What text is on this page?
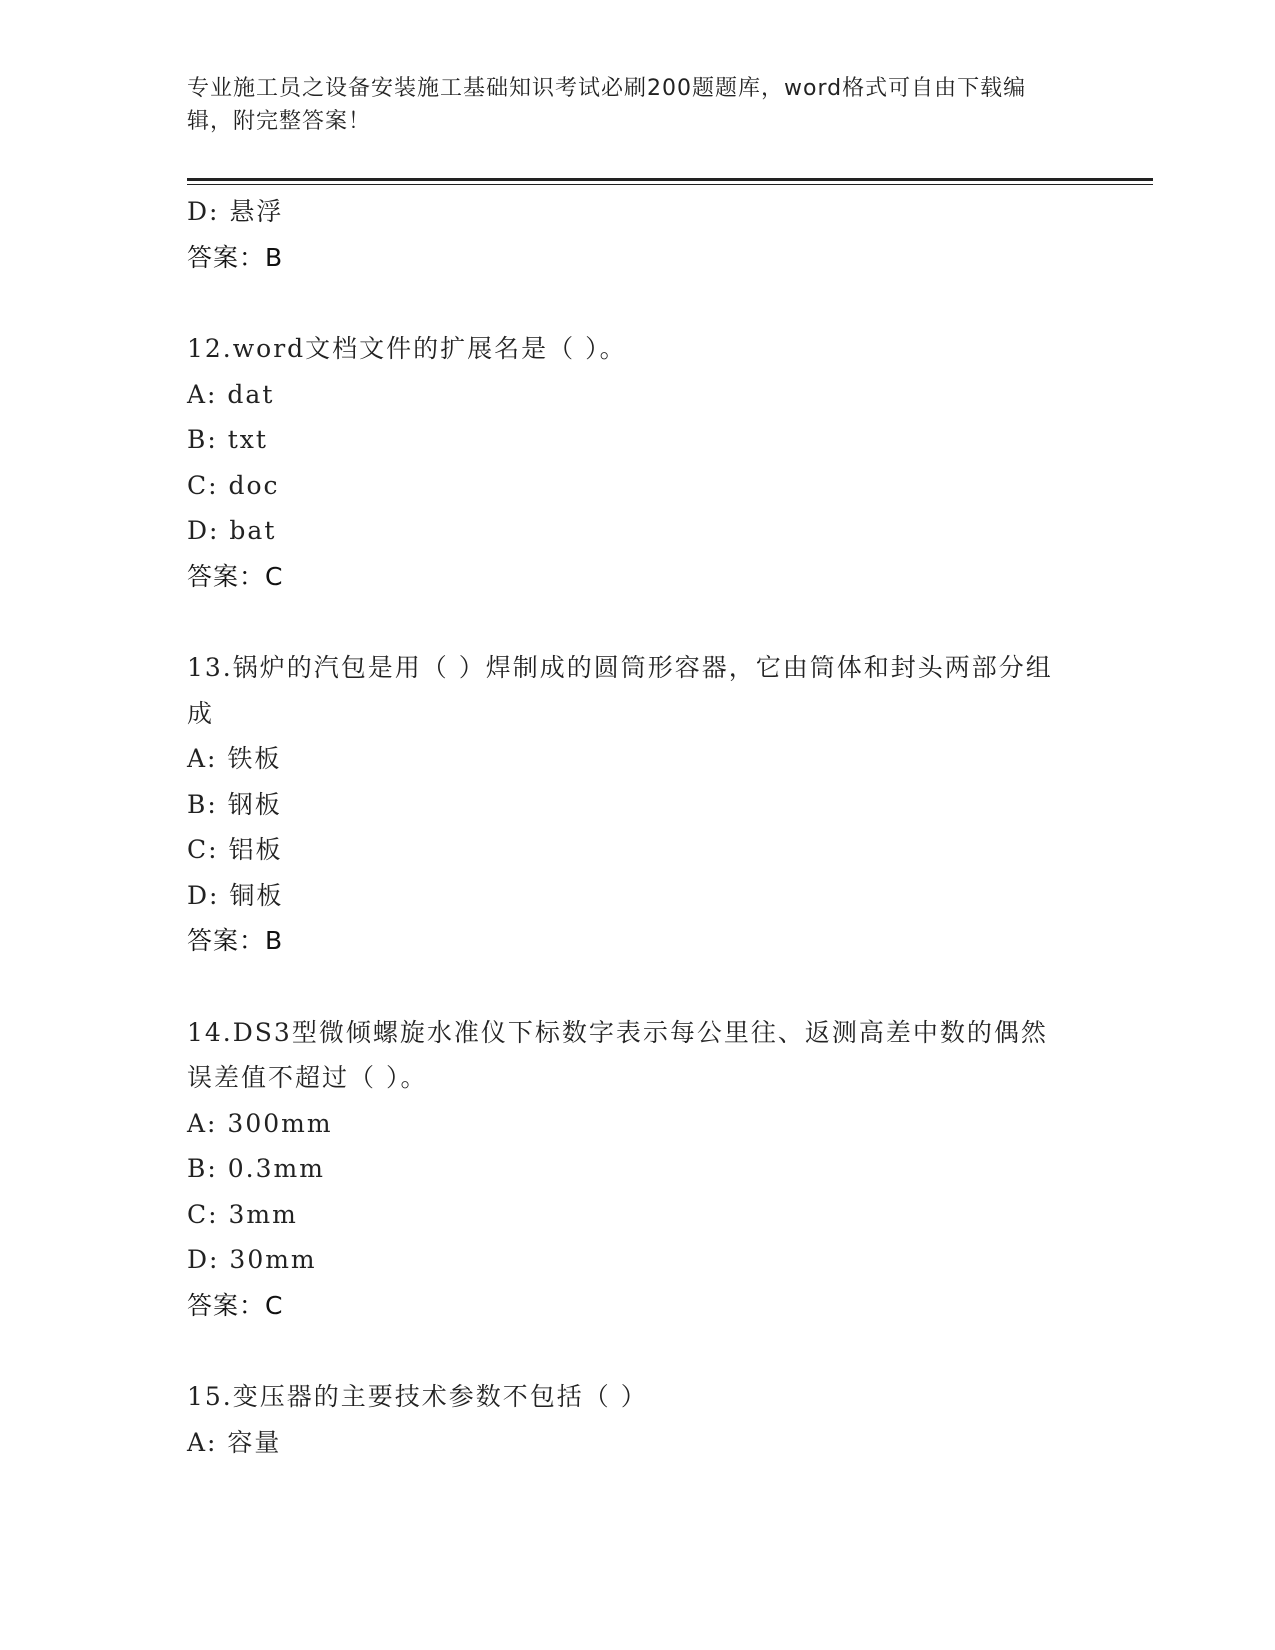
专业施工员之设备安装施工基础知识考试必刷200题题库，word格式可自由下载编辑，附完整答案！
D: 悬浮
答案：B
12.word文档文件的扩展名是（ ）。
A: dat
B: txt
C: doc
D: bat
答案：C
13.锅炉的汽包是用（ ）焊制成的圆筒形容器，它由筒体和封头两部分组成
A: 铁板
B: 钢板
C: 铝板
D: 铜板
答案：B
14.DS3型微倾螺旋水准仪下标数字表示每公里往、返测高差中数的偶然误差值不超过（ ）。
A: 300mm
B: 0.3mm
C: 3mm
D: 30mm
答案：C
15.变压器的主要技术参数不包括（ ）
A: 容量
